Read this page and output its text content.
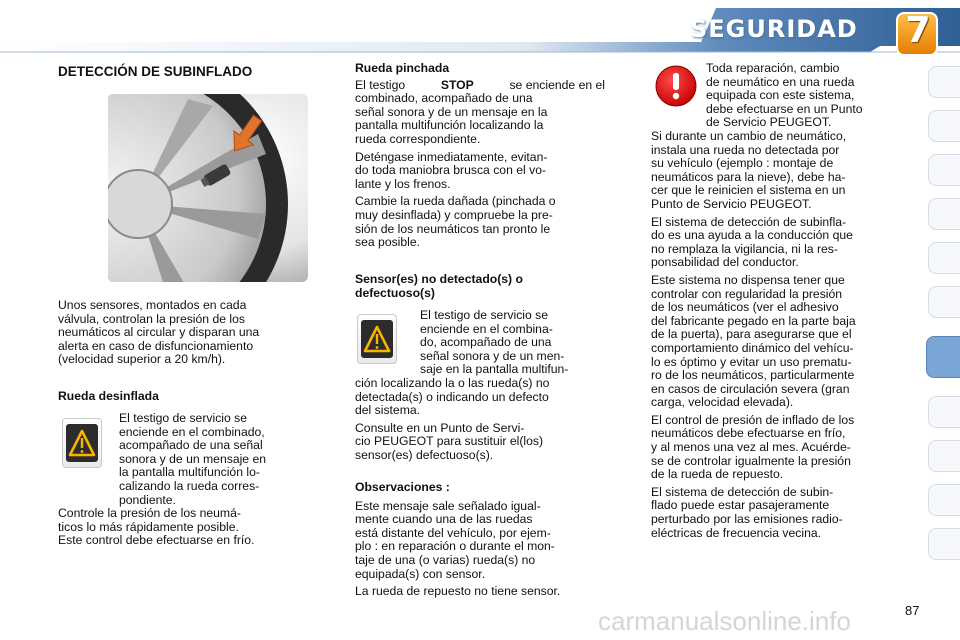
SEGURIDAD 7
DETECCIÓN DE SUBINFLADO

Unos sensores, montados en cada

válvula, controlan la presión de los

neumáticos al circular y disparan una

alerta en caso de disfuncionamiento

(velocidad superior a 20 km/h).

Rueda desinflada

El testigo de servicio se

enciende en el combinado,

acompañado de una señal

sonora y de un mensaje en

la pantalla multifunción lo-

calizando la rueda corres-

pondiente.

Controle la presión de los neumá-

ticos lo más rápidamente posible.

Este control debe efectuarse en frío.

Rueda pinchada
El testigo	STOP	se enciende en el

combinado, acompañado de una

señal sonora y de un mensaje en la

pantalla multifunción localizando la

rueda correspondiente.

Deténgase inmediatamente, evitan-

do toda maniobra brusca con el vo-

lante y los frenos.

Cambie la rueda dañada (pinchada o

muy desinflada) y compruebe la pre-

sión de los neumáticos tan pronto le

sea posible.

Sensor(es) no detectado(s) o
defectuoso(s)

El testigo de servicio se

enciende en el combina-

do, acompañado de una

señal sonora y de un men-

saje en la pantalla multifun-

ción localizando la o las rueda(s) no

detectada(s) o indicando un defecto

del sistema.

Consulte en un Punto de Servi-

cio PEUGEOT para sustituir el(los)

sensor(es) defectuoso(s).

Observaciones :

Este mensaje sale señalado igual-

mente cuando una de las ruedas

está distante del vehículo, por ejem-

plo : en reparación o durante el mon-

taje de una (o varias) rueda(s) no

equipada(s) con sensor.

La rueda de repuesto no tiene sensor.

Toda reparación, cambio

de neumático en una rueda

equipada con este sistema,

debe efectuarse en un Punto

de Servicio PEUGEOT.

Si durante un cambio de neumático,

instala una rueda no detectada por

su vehículo (ejemplo : montaje de

neumáticos para la nieve), debe ha-

cer que le reinicien el sistema en un

Punto de Servicio PEUGEOT.

El sistema de detección de subinfla-

do es una ayuda a la conducción que

no remplaza la vigilancia, ni la res-

ponsabilidad del conductor.

Este sistema no dispensa tener que

controlar con regularidad la presión

de los neumáticos (ver el adhesivo

del fabricante pegado en la parte baja

de la puerta), para asegurarse que el

comportamiento dinámico del vehícu-

lo es óptimo y evitar un uso prematu-

ro de los neumáticos, particularmente

en casos de circulación severa (gran

carga, velocidad elevada).

El control de presión de inflado de los

neumáticos debe efectuarse en frío,

y al menos una vez al mes. Acuérde-

se de controlar igualmente la presión

de la rueda de repuesto.

El sistema de detección de subin-

flado puede estar pasajeramente

perturbado por las emisiones radio-

eléctricas de frecuencia vecina.

87
carmanualsonline.info
